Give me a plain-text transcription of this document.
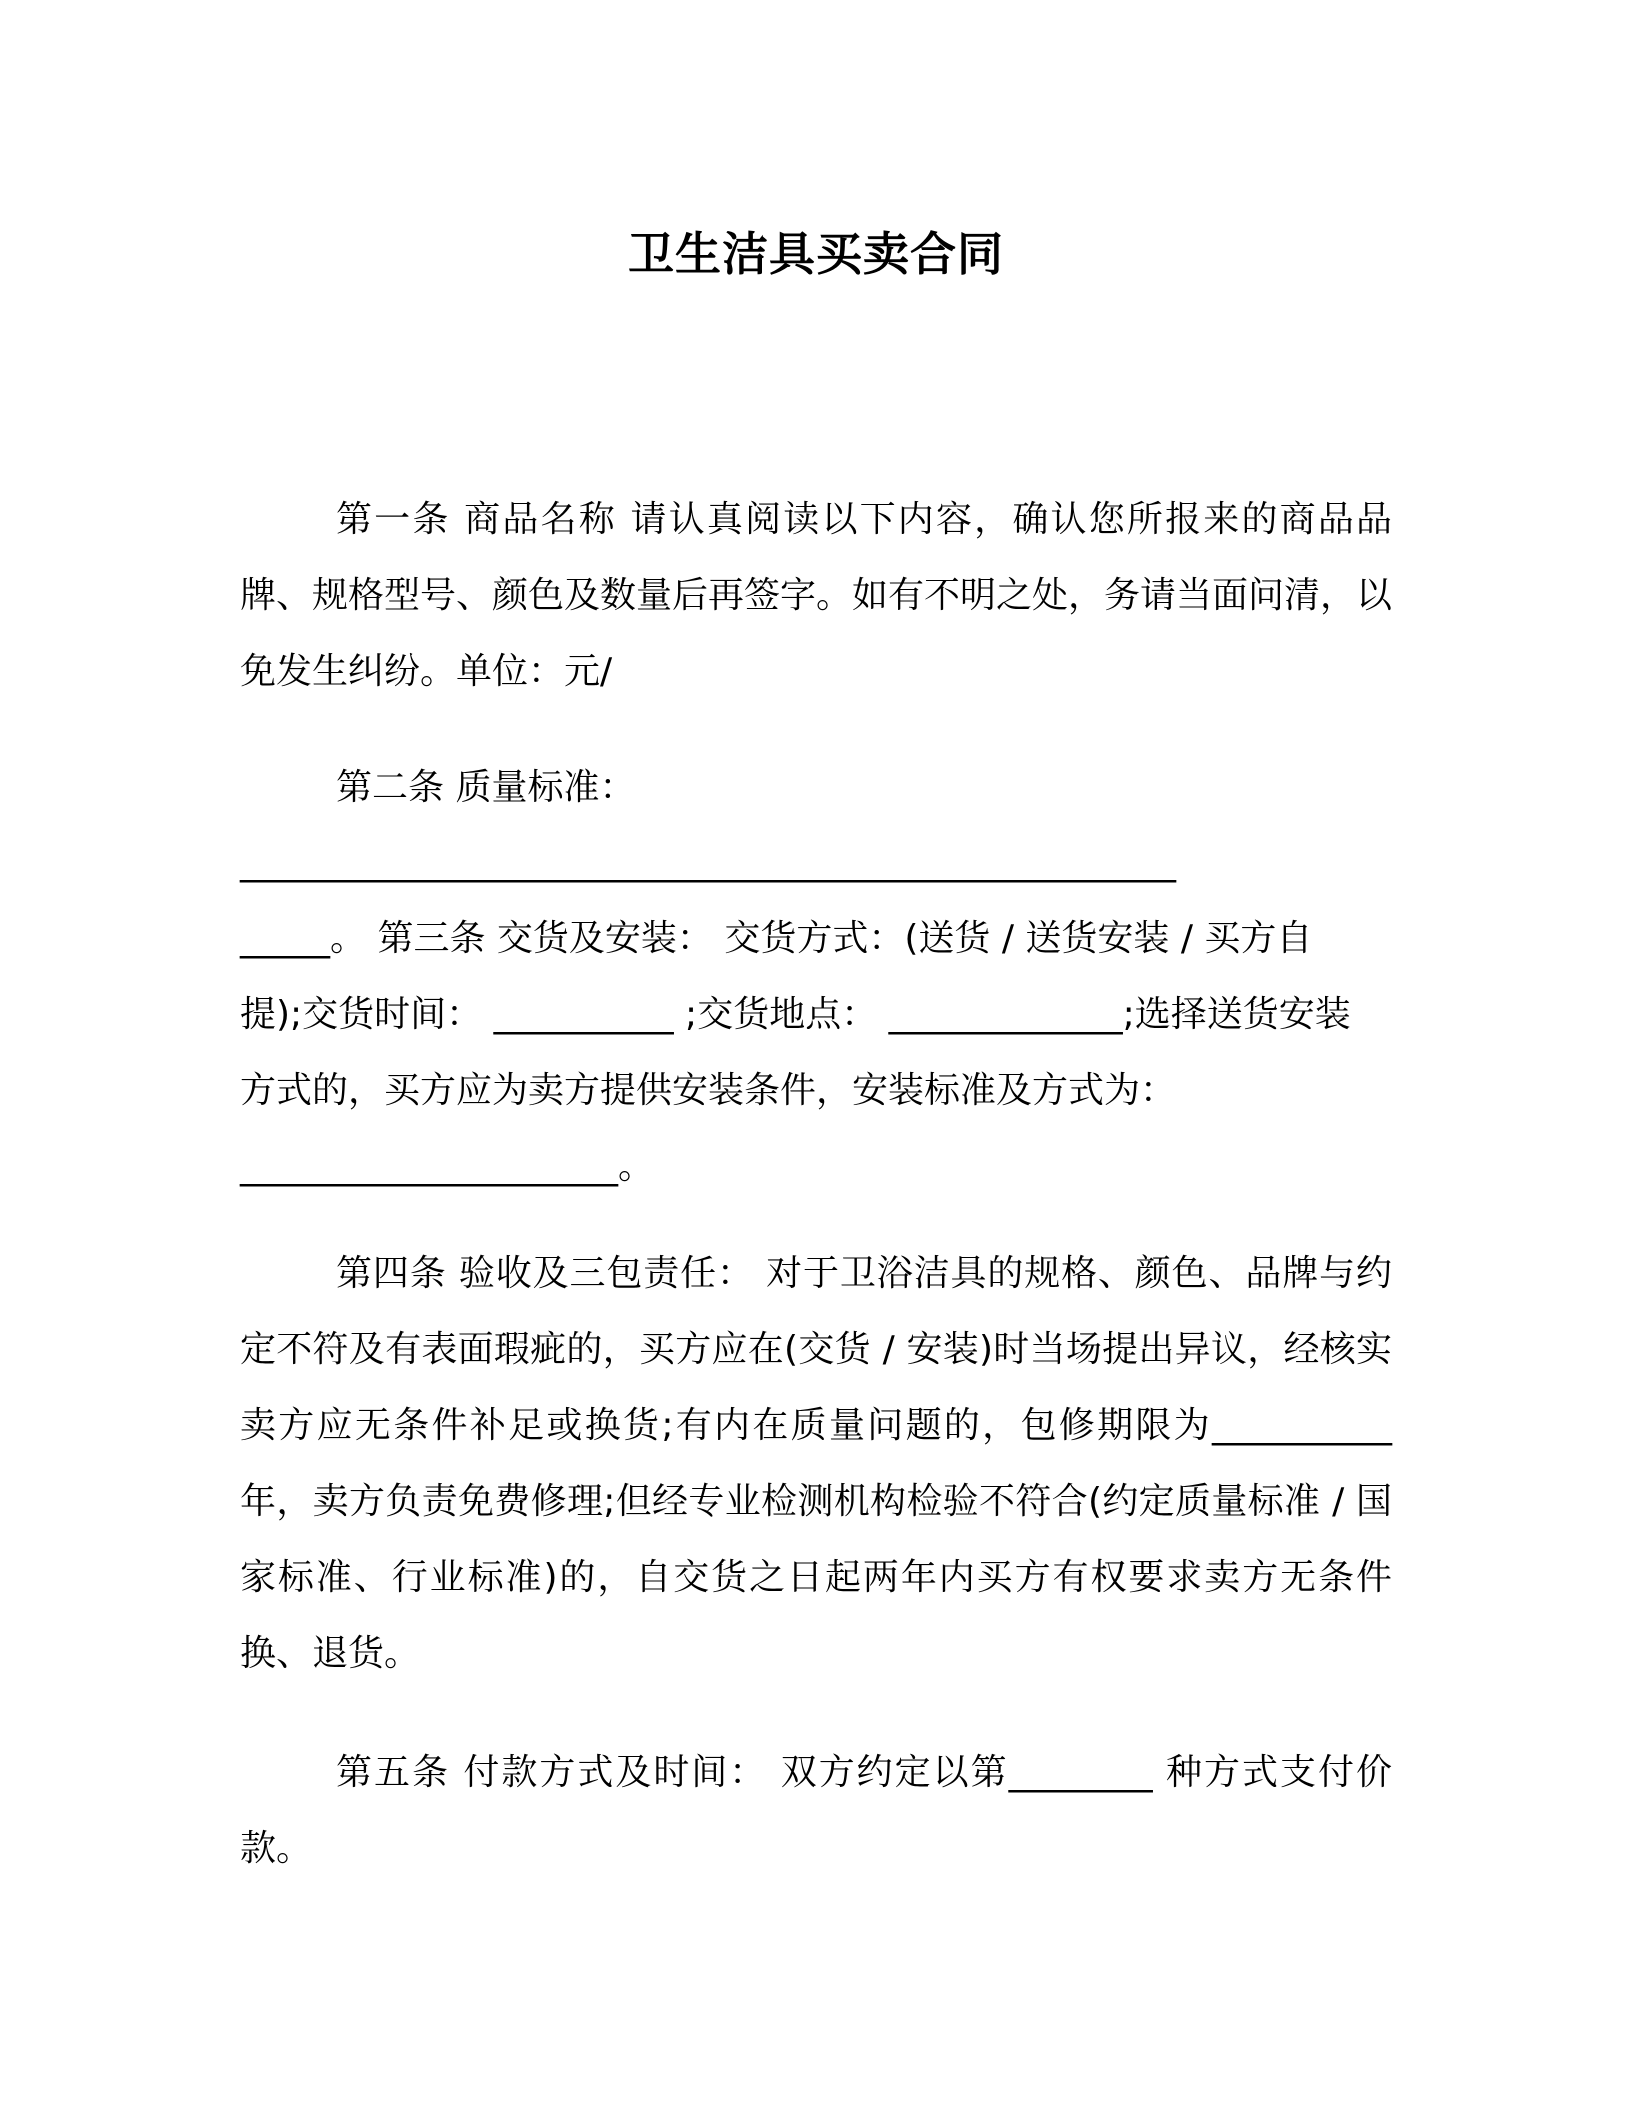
卫生洁具买卖合同

第一条 商品名称 请认真阅读以下内容，确认您所报来的商品品牌、规格型号、颜色及数量后再签字。如有不明之处，务请当面问清，以免发生纠纷。单位：元/

第二条 质量标准：

____________________________________________________
_____。 第三条 交货及安装： 交货方式：(送货 / 送货安装 / 买方自
提);交货时间： __________ ;交货地点： _____________;选择送货安装
方式的，买方应为卖方提供安装条件，安装标准及方式为：
_____________________。

第四条 验收及三包责任： 对于卫浴洁具的规格、颜色、品牌与约定不符及有表面瑕疵的，买方应在(交货 / 安装)时当场提出异议，经核实卖方应无条件补足或换货;有内在质量问题的，包修期限为__________年，卖方负责免费修理;但经专业检测机构检验不符合(约定质量标准 / 国家标准、行业标准)的，自交货之日起两年内买方有权要求卖方无条件换、退货。

第五条 付款方式及时间： 双方约定以第________ 种方式支付价款。
